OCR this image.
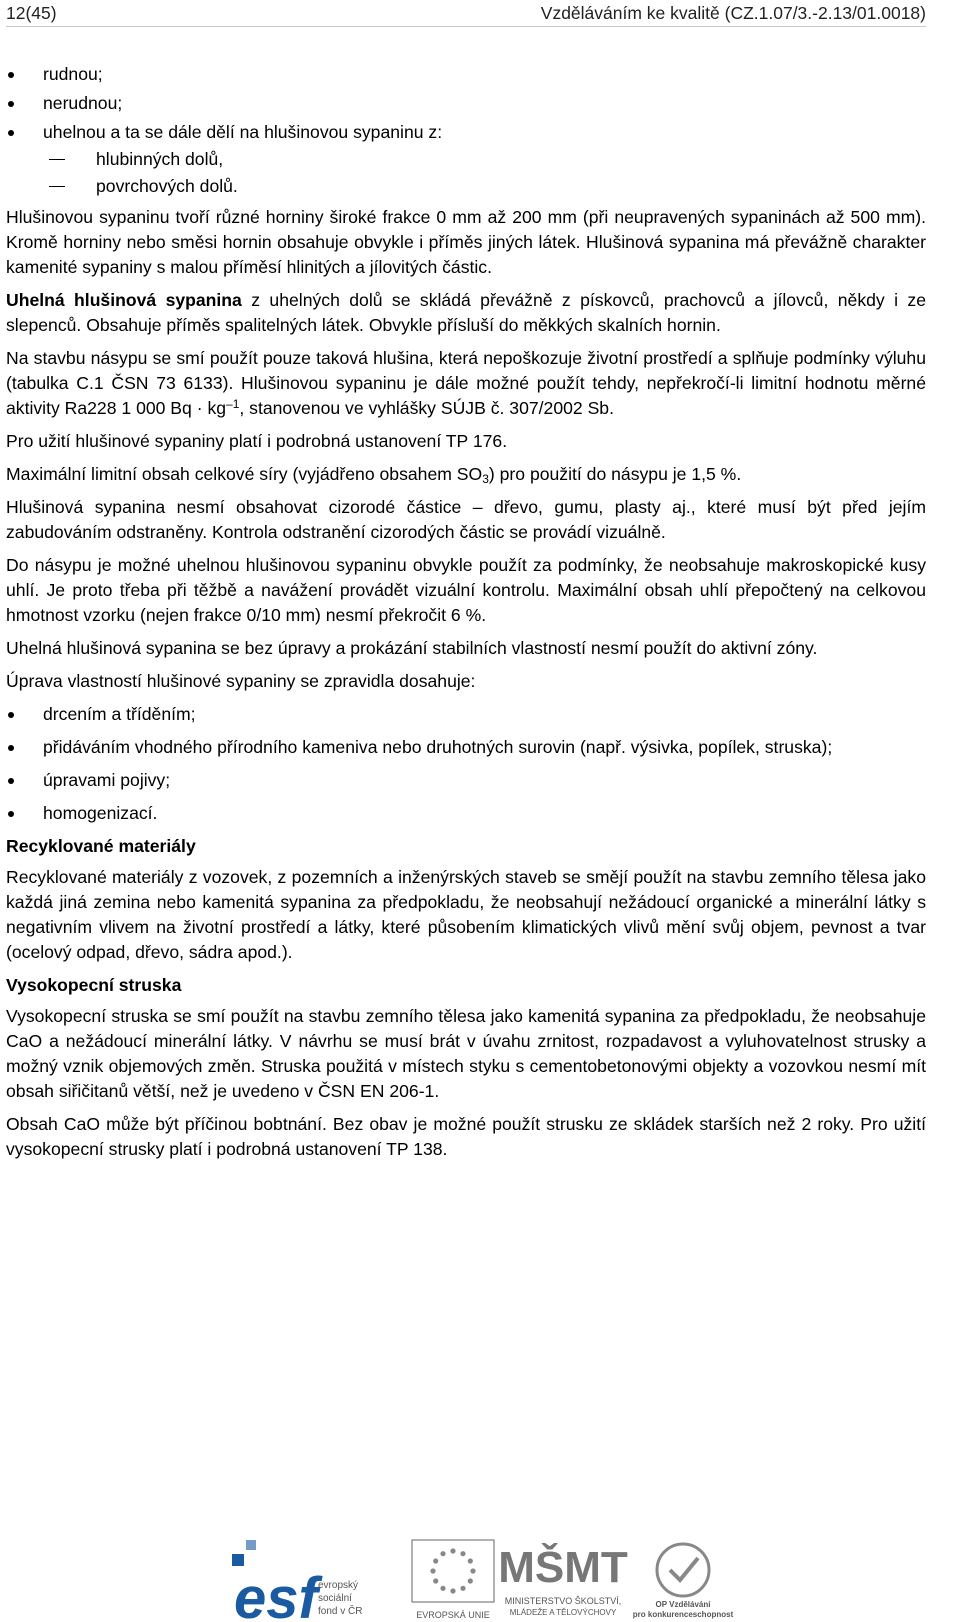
12(45)	Vzděláváním ke kvalitě (CZ.1.07/3.-2.13/01.0018)
rudnou;
nerudnou;
uhelnou a ta se dále dělí na hlušinovou sypaninu z:
hlubinných dolů,
povrchových dolů.

Hlušinovou sypaninu tvoří různé horniny široké frakce 0 mm až 200 mm (při neupravených sypaninách až 500 mm). Kromě horniny nebo směsi hornin obsahuje obvykle i příměs jiných látek. Hlušinová sypanina má převážně charakter kamenité sypaniny s malou příměsí hlinitých a jílovitých částic.

Uhelná hlušinová sypanina z uhelných dolů se skládá převážně z pískovců, prachovců a jílovců, někdy i ze slepenců. Obsahuje příměs spalitelných látek. Obvykle přísluší do měkkých skalních hornin.

Na stavbu násypu se smí použít pouze taková hlušina, která nepoškozuje životní prostředí a splňuje podmínky výluhu (tabulka C.1 ČSN 73 6133). Hlušinovou sypaninu je dále možné použít tehdy, nepřekročí-li limitní hodnotu měrné aktivity Ra228 1 000 $Bq \cdot kg^{-1}$, stanovenou ve vyhlášky SÚJB č. 307/2002 Sb.

Pro užití hlušinové sypaniny platí i podrobná ustanovení TP 176.

Maximální limitní obsah celkové síry (vyjádřeno obsahem $SO_3$) pro použití do násypu je 1,5 %.

Hlušinová sypanina nesmí obsahovat cizorodé částice – dřevo, gumu, plasty aj., které musí být před jejím zabudováním odstraněny. Kontrola odstranění cizorodých částic se provádí vizuálně.

Do násypu je možné uhelnou hlušinovou sypaninu obvykle použít za podmínky, že neobsahuje makroskopické kusy uhlí. Je proto třeba při těžbě a navážení provádět vizuální kontrolu. Maximální obsah uhlí přepočtený na celkovou hmotnost vzorku (nejen frakce 0/10 mm) nesmí překročit 6 %.

Uhelná hlušinová sypanina se bez úpravy a prokázání stabilních vlastností nesmí použít do aktivní zóny.

Úprava vlastností hlušinové sypaniny se zpravidla dosahuje:

drcením a tříděním;
přidáváním vhodného přírodního kameniva nebo druhotných surovin (např. výsivka, popílek, struska);
úpravami pojivy;
homogenizací.
Recyklované materiály

Recyklované materiály z vozovek, z pozemních a inženýrských staveb se smějí použít na stavbu zemního tělesa jako každá jiná zemina nebo kamenitá sypanina za předpokladu, že neobsahují nežádoucí organické a minerální látky s negativním vlivem na životní prostředí a látky, které působením klimatických vlivů mění svůj objem, pevnost a tvar (ocelový odpad, dřevo, sádra apod.).

Vysokopecní struska

Vysokopecní struska se smí použít na stavbu zemního tělesa jako kamenitá sypanina za předpokladu, že neobsahuje CaO a nežádoucí minerální látky. V návrhu se musí brát v úvahu zrnitost, rozpadavost a vyluhovatelnost strusky a možný vznik objemových změn. Struska použitá v místech styku s cementobetonovými objekty a vozovkou nesmí mít obsah siřičitanů větší, než je uvedeno v ČSN EN 206-1.

Obsah CaO může být příčinou bobtnání. Bez obav je možné použít strusku ze skládek starších než 2 roky. Pro užití vysokopecní strusky platí i podrobná ustanovení TP 138.

esf evropský
sociální
fond v ČR	EVROPSKÁ UNIE
MŠMT
MINISTERSTVO ŠKOLSTVÍ,
MLÁDEŽE A TĚLOVÝCHOVY
OP Vzdělávání
pro konkurenceschopnost
